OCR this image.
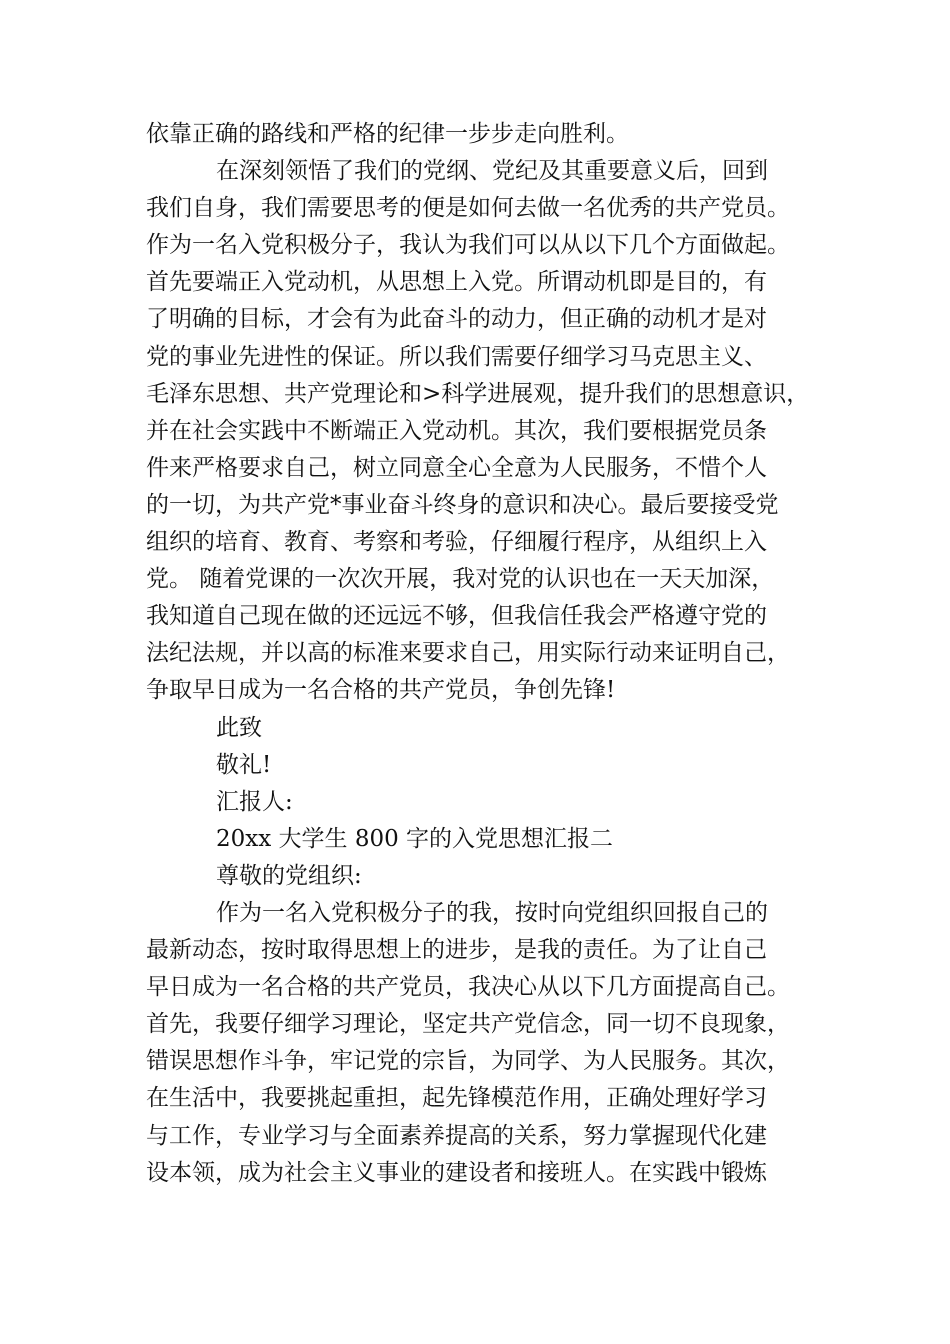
依靠正确的路线和严格的纪律一步步走向胜利。
在深刻领悟了我们的党纲、党纪及其重要意义后，回到
我们自身，我们需要思考的便是如何去做一名优秀的共产党员。
作为一名入党积极分子，我认为我们可以从以下几个方面做起。
首先要端正入党动机，从思想上入党。所谓动机即是目的，有
了明确的目标，才会有为此奋斗的动力，但正确的动机才是对
党的事业先进性的保证。所以我们需要仔细学习马克思主义、
毛泽东思想、共产党理论和>科学进展观，提升我们的思想意识，
并在社会实践中不断端正入党动机。其次，我们要根据党员条
件来严格要求自己，树立同意全心全意为人民服务，不惜个人
的一切，为共产党*事业奋斗终身的意识和决心。最后要接受党
组织的培育、教育、考察和考验，仔细履行程序，从组织上入
党。 随着党课的一次次开展，我对党的认识也在一天天加深，
我知道自己现在做的还远远不够，但我信任我会严格遵守党的
法纪法规，并以高的标准来要求自己，用实际行动来证明自己，
争取早日成为一名合格的共产党员，争创先锋!
此致
敬礼!
汇报人:
20xx 大学生 800 字的入党思想汇报二
尊敬的党组织:
作为一名入党积极分子的我，按时向党组织回报自己的
最新动态，按时取得思想上的进步，是我的责任。为了让自己
早日成为一名合格的共产党员，我决心从以下几方面提高自己。
首先，我要仔细学习理论，坚定共产党信念，同一切不良现象，
错误思想作斗争，牢记党的宗旨，为同学、为人民服务。其次，
在生活中，我要挑起重担，起先锋模范作用，正确处理好学习
与工作，专业学习与全面素养提高的关系，努力掌握现代化建
设本领，成为社会主义事业的建设者和接班人。在实践中锻炼
